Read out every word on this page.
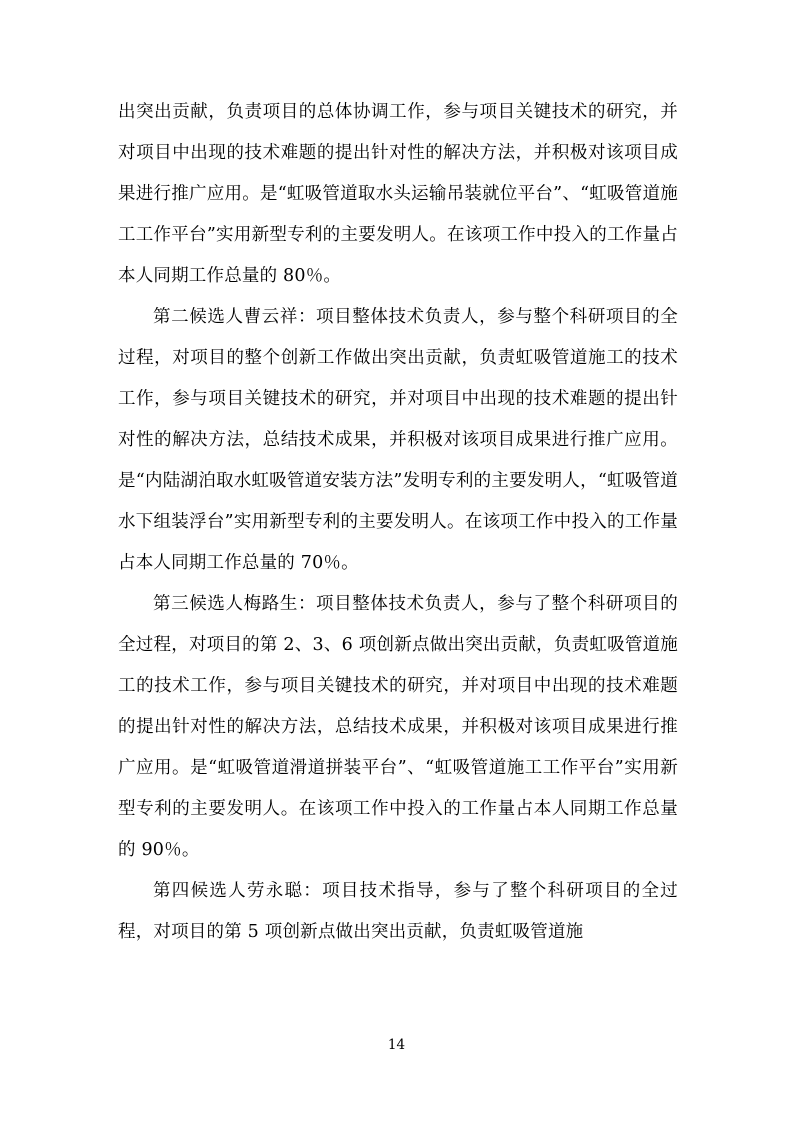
出突出贡献，负责项目的总体协调工作，参与项目关键技术的研究，并对项目中出现的技术难题的提出针对性的解决方法，并积极对该项目成果进行推广应用。是“虹吸管道取水头运输吊装就位平台”、“虹吸管道施工工作平台”实用新型专利的主要发明人。在该项工作中投入的工作量占本人同期工作总量的 80％。

第二候选人曹云祥：项目整体技术负责人，参与整个科研项目的全过程，对项目的整个创新工作做出突出贡献，负责虹吸管道施工的技术工作，参与项目关键技术的研究，并对项目中出现的技术难题的提出针对性的解决方法，总结技术成果，并积极对该项目成果进行推广应用。是“内陆湖泊取水虹吸管道安装方法”发明专利的主要发明人，“虹吸管道水下组装浮台”实用新型专利的主要发明人。在该项工作中投入的工作量占本人同期工作总量的 70％。

第三候选人梅路生：项目整体技术负责人，参与了整个科研项目的全过程，对项目的第 2、3、6 项创新点做出突出贡献，负责虹吸管道施工的技术工作，参与项目关键技术的研究，并对项目中出现的技术难题的提出针对性的解决方法，总结技术成果，并积极对该项目成果进行推广应用。是“虹吸管道滑道拼装平台”、“虹吸管道施工工作平台”实用新型专利的主要发明人。在该项工作中投入的工作量占本人同期工作总量的 90％。

第四候选人劳永聪：项目技术指导，参与了整个科研项目的全过程，对项目的第 5 项创新点做出突出贡献，负责虹吸管道施

14
